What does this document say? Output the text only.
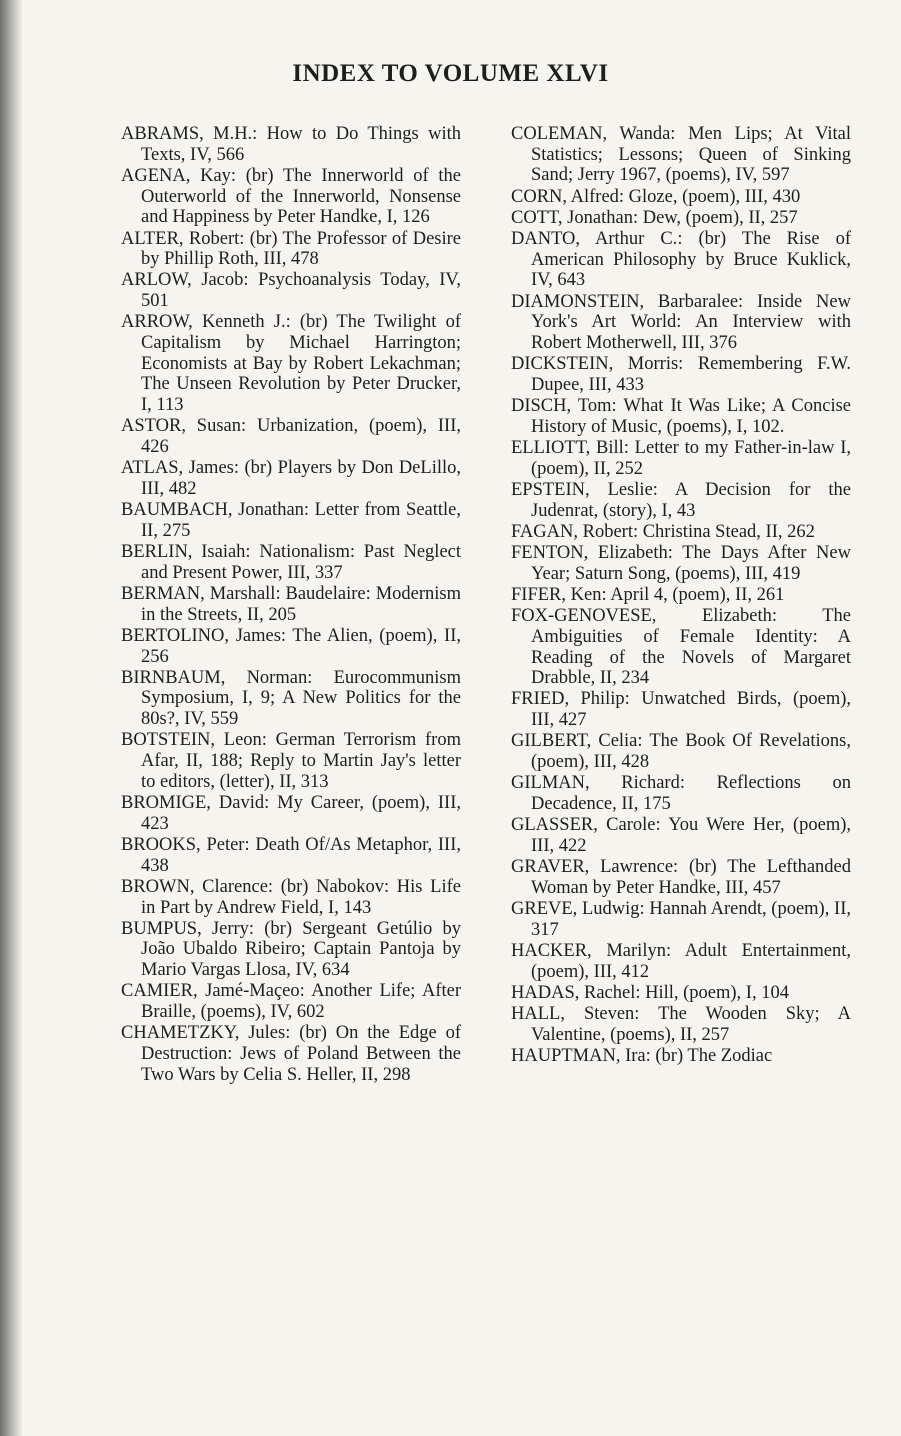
INDEX TO VOLUME XLVI
ABRAMS, M.H.: How to Do Things with Texts, IV, 566
AGENA, Kay: (br) The Innerworld of the Outerworld of the Innerworld, Nonsense and Happiness by Peter Handke, I, 126
ALTER, Robert: (br) The Professor of Desire by Phillip Roth, III, 478
ARLOW, Jacob: Psychoanalysis Today, IV, 501
ARROW, Kenneth J.: (br) The Twilight of Capitalism by Michael Harrington; Economists at Bay by Robert Lekachman; The Unseen Revolution by Peter Drucker, I, 113
ASTOR, Susan: Urbanization, (poem), III, 426
ATLAS, James: (br) Players by Don DeLillo, III, 482
BAUMBACH, Jonathan: Letter from Seattle, II, 275
BERLIN, Isaiah: Nationalism: Past Neglect and Present Power, III, 337
BERMAN, Marshall: Baudelaire: Modernism in the Streets, II, 205
BERTOLINO, James: The Alien, (poem), II, 256
BIRNBAUM, Norman: Eurocommunism Symposium, I, 9; A New Politics for the 80s?, IV, 559
BOTSTEIN, Leon: German Terrorism from Afar, II, 188; Reply to Martin Jay's letter to editors, (letter), II, 313
BROMIGE, David: My Career, (poem), III, 423
BROOKS, Peter: Death Of/As Metaphor, III, 438
BROWN, Clarence: (br) Nabokov: His Life in Part by Andrew Field, I, 143
BUMPUS, Jerry: (br) Sergeant Getúlio by João Ubaldo Ribeiro; Captain Pantoja by Mario Vargas Llosa, IV, 634
CAMIER, Jamé-Maçeo: Another Life; After Braille, (poems), IV, 602
CHAMETZKY, Jules: (br) On the Edge of Destruction: Jews of Poland Between the Two Wars by Celia S. Heller, II, 298
COLEMAN, Wanda: Men Lips; At Vital Statistics; Lessons; Queen of Sinking Sand; Jerry 1967, (poems), IV, 597
CORN, Alfred: Gloze, (poem), III, 430
COTT, Jonathan: Dew, (poem), II, 257
DANTO, Arthur C.: (br) The Rise of American Philosophy by Bruce Kuklick, IV, 643
DIAMONSTEIN, Barbaralee: Inside New York's Art World: An Interview with Robert Motherwell, III, 376
DICKSTEIN, Morris: Remembering F.W. Dupee, III, 433
DISCH, Tom: What It Was Like; A Concise History of Music, (poems), I, 102.
ELLIOTT, Bill: Letter to my Father-in-law I, (poem), II, 252
EPSTEIN, Leslie: A Decision for the Judenrat, (story), I, 43
FAGAN, Robert: Christina Stead, II, 262
FENTON, Elizabeth: The Days After New Year; Saturn Song, (poems), III, 419
FIFER, Ken: April 4, (poem), II, 261
FOX-GENOVESE, Elizabeth: The Ambiguities of Female Identity: A Reading of the Novels of Margaret Drabble, II, 234
FRIED, Philip: Unwatched Birds, (poem), III, 427
GILBERT, Celia: The Book Of Revelations, (poem), III, 428
GILMAN, Richard: Reflections on Decadence, II, 175
GLASSER, Carole: You Were Her, (poem), III, 422
GRAVER, Lawrence: (br) The Lefthanded Woman by Peter Handke, III, 457
GREVE, Ludwig: Hannah Arendt, (poem), II, 317
HACKER, Marilyn: Adult Entertainment, (poem), III, 412
HADAS, Rachel: Hill, (poem), I, 104
HALL, Steven: The Wooden Sky; A Valentine, (poems), II, 257
HAUPTMAN, Ira: (br) The Zodiac
